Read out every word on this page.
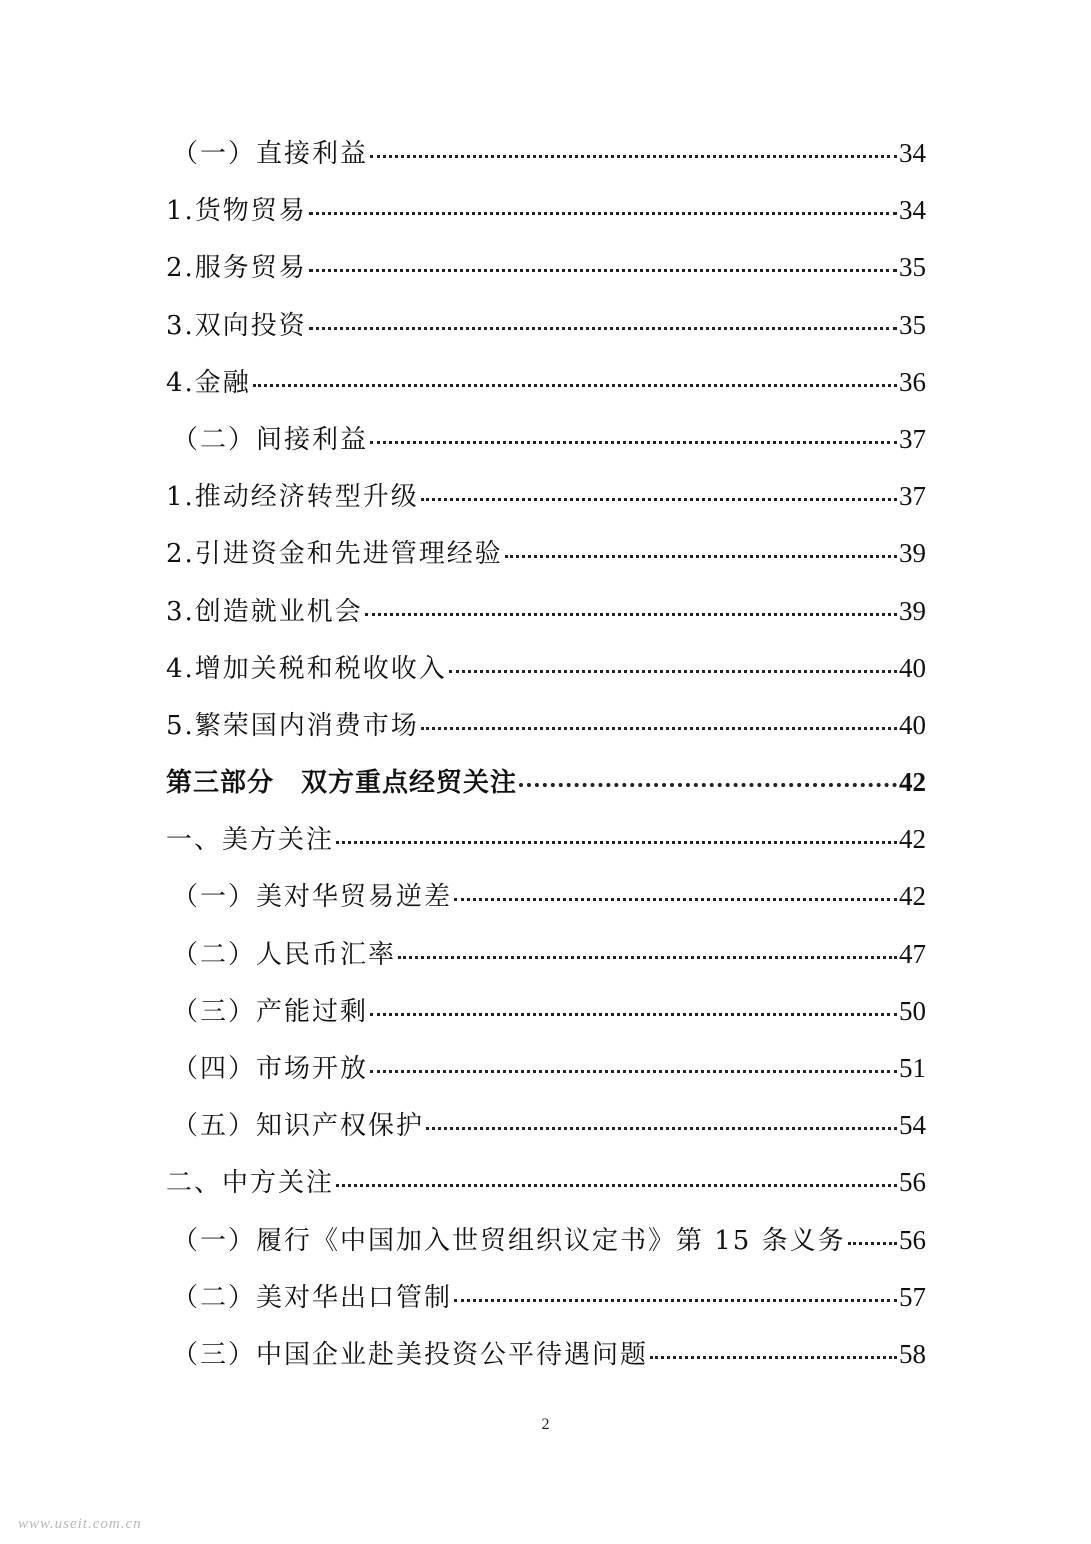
（一）直接利益	34
1.货物贸易	34
2.服务贸易	35
3.双向投资	35
4.金融	36
（二）间接利益	37
1.推动经济转型升级	37
2.引进资金和先进管理经验	39
3.创造就业机会	39
4.增加关税和税收收入	40
5.繁荣国内消费市场	40
第三部分　双方重点经贸关注	42
一、美方关注	42
（一）美对华贸易逆差	42
（二）人民币汇率	47
（三）产能过剩	50
（四）市场开放	51
（五）知识产权保护	54
二、中方关注	56
（一）履行《中国加入世贸组织议定书》第 15 条义务 56
（二）美对华出口管制	57
（三）中国企业赴美投资公平待遇问题	58
2
www.useit.com.cn
